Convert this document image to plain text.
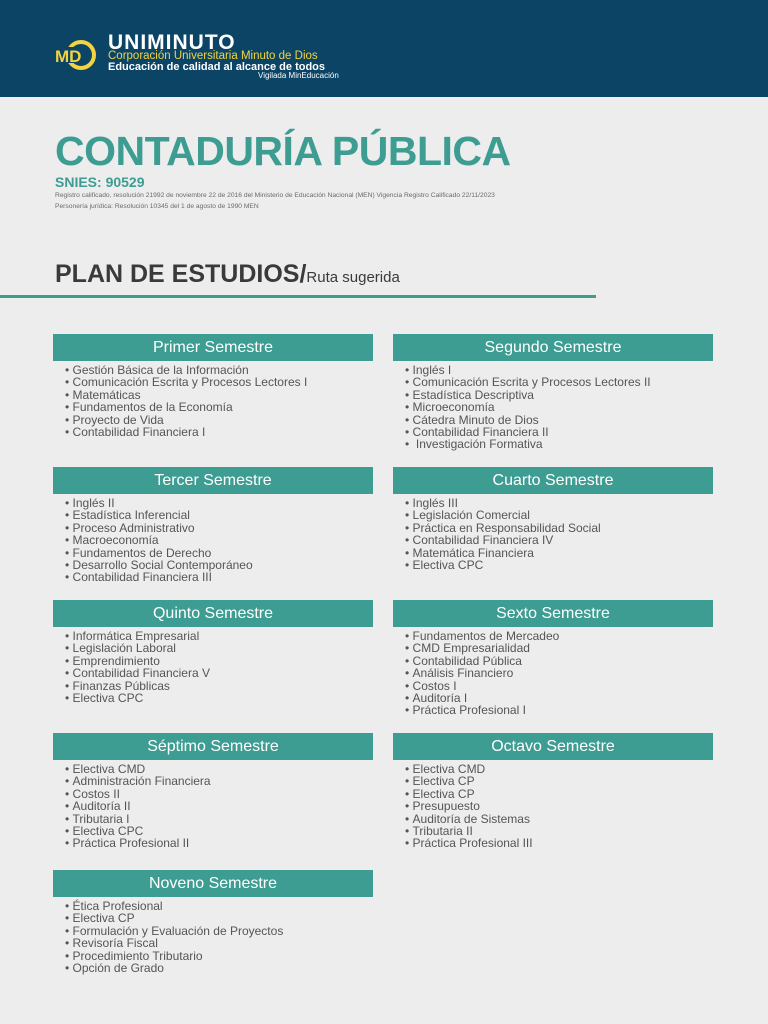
MD
UNIMINUTO
Corporación Universitaria Minuto de Dios
Educación de calidad al alcance de todos
Vigilada MinEducación
CONTADURÍA PÚBLICA
SNIES: 90529
Registro calificado, resolución 21992 de noviembre 22 de 2016 del Ministerio de Educación Nacional (MEN) Vigencia Registro Calificado 22/11/2023
Personería jurídica: Resolución 10345 del 1 de agosto de 1990 MEN
PLAN DE ESTUDIOS/Ruta sugerida
Primer Semestre
• Gestión Básica de la Información
• Comunicación Escrita y Procesos Lectores I
• Matemáticas
• Fundamentos de la Economía
• Proyecto de Vida
• Contabilidad Financiera I
Segundo Semestre
• Inglés I
• Comunicación Escrita y Procesos Lectores II
• Estadística Descriptiva
• Microeconomía
• Cátedra Minuto de Dios
• Contabilidad Financiera II
•  Investigación Formativa
Tercer Semestre
• Inglés II
• Estadística Inferencial
• Proceso Administrativo
• Macroeconomía
• Fundamentos de Derecho
• Desarrollo Social Contemporáneo
• Contabilidad Financiera III
Cuarto Semestre
• Inglés III
• Legislación Comercial
• Práctica en Responsabilidad Social
• Contabilidad Financiera IV
• Matemática Financiera
• Electiva CPC
Quinto Semestre
• Informática Empresarial
• Legislación Laboral
• Emprendimiento
• Contabilidad Financiera V
• Finanzas Públicas
• Electiva CPC
Sexto Semestre
• Fundamentos de Mercadeo
• CMD Empresarialidad
• Contabilidad Pública
• Análisis Financiero
• Costos I
• Auditoría I
• Práctica Profesional I
Séptimo Semestre
• Electiva CMD
• Administración Financiera
• Costos II
• Auditoría II
• Tributaria I
• Electiva CPC
• Práctica Profesional II
Octavo Semestre
• Electiva CMD
• Electiva CP
• Electiva CP
• Presupuesto
• Auditoría de Sistemas
• Tributaria II
• Práctica Profesional III
Noveno Semestre
• Ética Profesional
• Electiva CP
• Formulación y Evaluación de Proyectos
• Revisoría Fiscal
• Procedimiento Tributario
• Opción de Grado
